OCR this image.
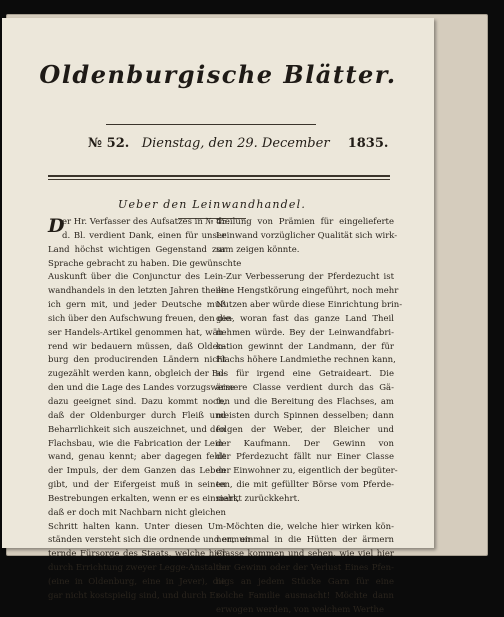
Oldenburgische Blätter.
№ 52. Dienstag, den 29. December 1835.
Ueber den Leinwandhandel.
D
er Hr. Verfasser des Aufsatzes in № 45.
d. Bl. verdient Dank, einen für unser
Land höchst wichtigen Gegenstand zur
Sprache gebracht zu haben. Die gewünschte
Auskunft über die Conjunctur des Lein-
wandhandels in den letzten Jahren theile
ich gern mit, und jeder Deutsche muß
sich über den Aufschwung freuen, den die-
ser Handels-Artikel genommen hat, wäh-
rend wir bedauern müssen, daß Olden-
burg den producirenden Ländern nicht
zugezählt werden kann, obgleich der Bo-
den und die Lage des Landes vorzugsweise
dazu geeignet sind. Dazu kommt noch,
daß der Oldenburger durch Fleiß und
Beharrlichkeit sich auszeichnet, und den
Flachsbau, wie die Fabrication der Lein-
wand, genau kennt; aber dagegen fehlt
der Impuls, der dem Ganzen das Leben
gibt, und der Eifergeist muß in seinen
Bestrebungen erkalten, wenn er es einsieht,
daß er doch mit Nachbarn nicht gleichen
Schritt halten kann. Unter diesen Um-
ständen versteht sich die ordnende und ermun-
ternde Fürsorge des Staats, welche hier
durch Errichtung zweyer Legge-Anstalten
(eine in Oldenburg, eine in Jever), die
gar nicht kostspielig sind, und durch Er-
theilung von Prämien für eingelieferte
Leinwand vorzüglicher Qualität sich wirk-
sam zeigen könnte.
Zur Verbesserung der Pferdezucht ist
eine Hengstkörung eingeführt, noch mehr
Nutzen aber würde diese Einrichtung brin-
gen, woran fast das ganze Land Theil
nehmen würde. Bey der Leinwandfabri-
kation gewinnt der Landmann, der für
Flachs höhere Landmiethe rechnen kann,
als für irgend eine Getraideart. Die
ärmere Classe verdient durch das Gä-
ten und die Bereitung des Flachses, am
meisten durch Spinnen desselben; dann
folgen der Weber, der Bleicher und
der Kaufmann. Der Gewinn von
der Pferdezucht fällt nur Einer Classe
der Einwohner zu, eigentlich der begüter-
ten, die mit gefüllter Börse vom Pferde-
markt zurückkehrt.
Möchten die, welche hier wirken kön-
nen, einmal in die Hütten der ärmern
Classe kommen und sehen, wie viel hier
der Gewinn oder der Verlust Eines Pfen-
nigs an jedem Stücke Garn für eine
solche Familie ausmacht! Möchte dann
erwogen werden, von welchem Werthe
